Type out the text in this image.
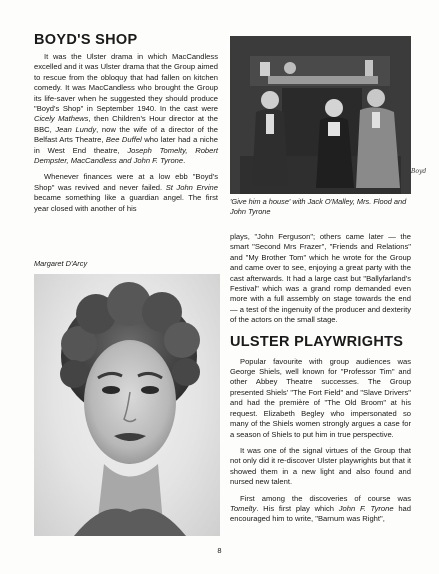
BOYD'S SHOP

It was the Ulster drama in which MacCandless excelled and it was Ulster drama that the Group aimed to rescue from the obloquy that had fallen on kitchen comedy. It was MacCandless who brought the Group its life-saver when he suggested they should produce "Boyd's Shop" in September 1940. In the cast were Cicely Mathews, then Children's Hour director at the BBC, Jean Lundy, now the wife of a director of the Belfast Arts Theatre, Bee Duffel who later had a niche in West End theatre, Joseph Tomelty, Robert Dempster, MacCandless and John F. Tyrone.

Whenever finances were at a low ebb "Boyd's Shop" was revived and never failed. St John Ervine became something like a guardian angel. The first year closed with another of his

Margaret D'Arcy

'Give him a house' with Jack O'Malley, Mrs. Flood and John Tyrone

Boyd

plays, "John Ferguson"; others came later — the smart "Second Mrs Frazer", "Friends and Relations" and "My Brother Tom" which he wrote for the Group and came over to see, enjoying a great party with the cast afterwards. It had a large cast but "Ballyfarland's Festival" which was a grand romp demanded even more with a full assembly on stage towards the end — a test of the ingenuity of the producer and dexterity of the actors on the small stage.

ULSTER PLAYWRIGHTS

Popular favourite with group audiences was George Shiels, well known for "Professor Tim" and other Abbey Theatre successes. The Group presented Shiels' "The Fort Field" and "Slave Drivers" and had the première of "The Old Broom" at his request. Elizabeth Begley who impersonated so many of the Shiels women strongly argues a case for a season of Shiels to put him in true perspective.

It was one of the signal virtues of the Group that not only did it re-discover Ulster playwrights but that it showed them in a new light and also found and nursed new talent.

First among the discoveries of course was Tomelty. His first play which John F. Tyrone had encouraged him to write, "Barnum was Right",

8
